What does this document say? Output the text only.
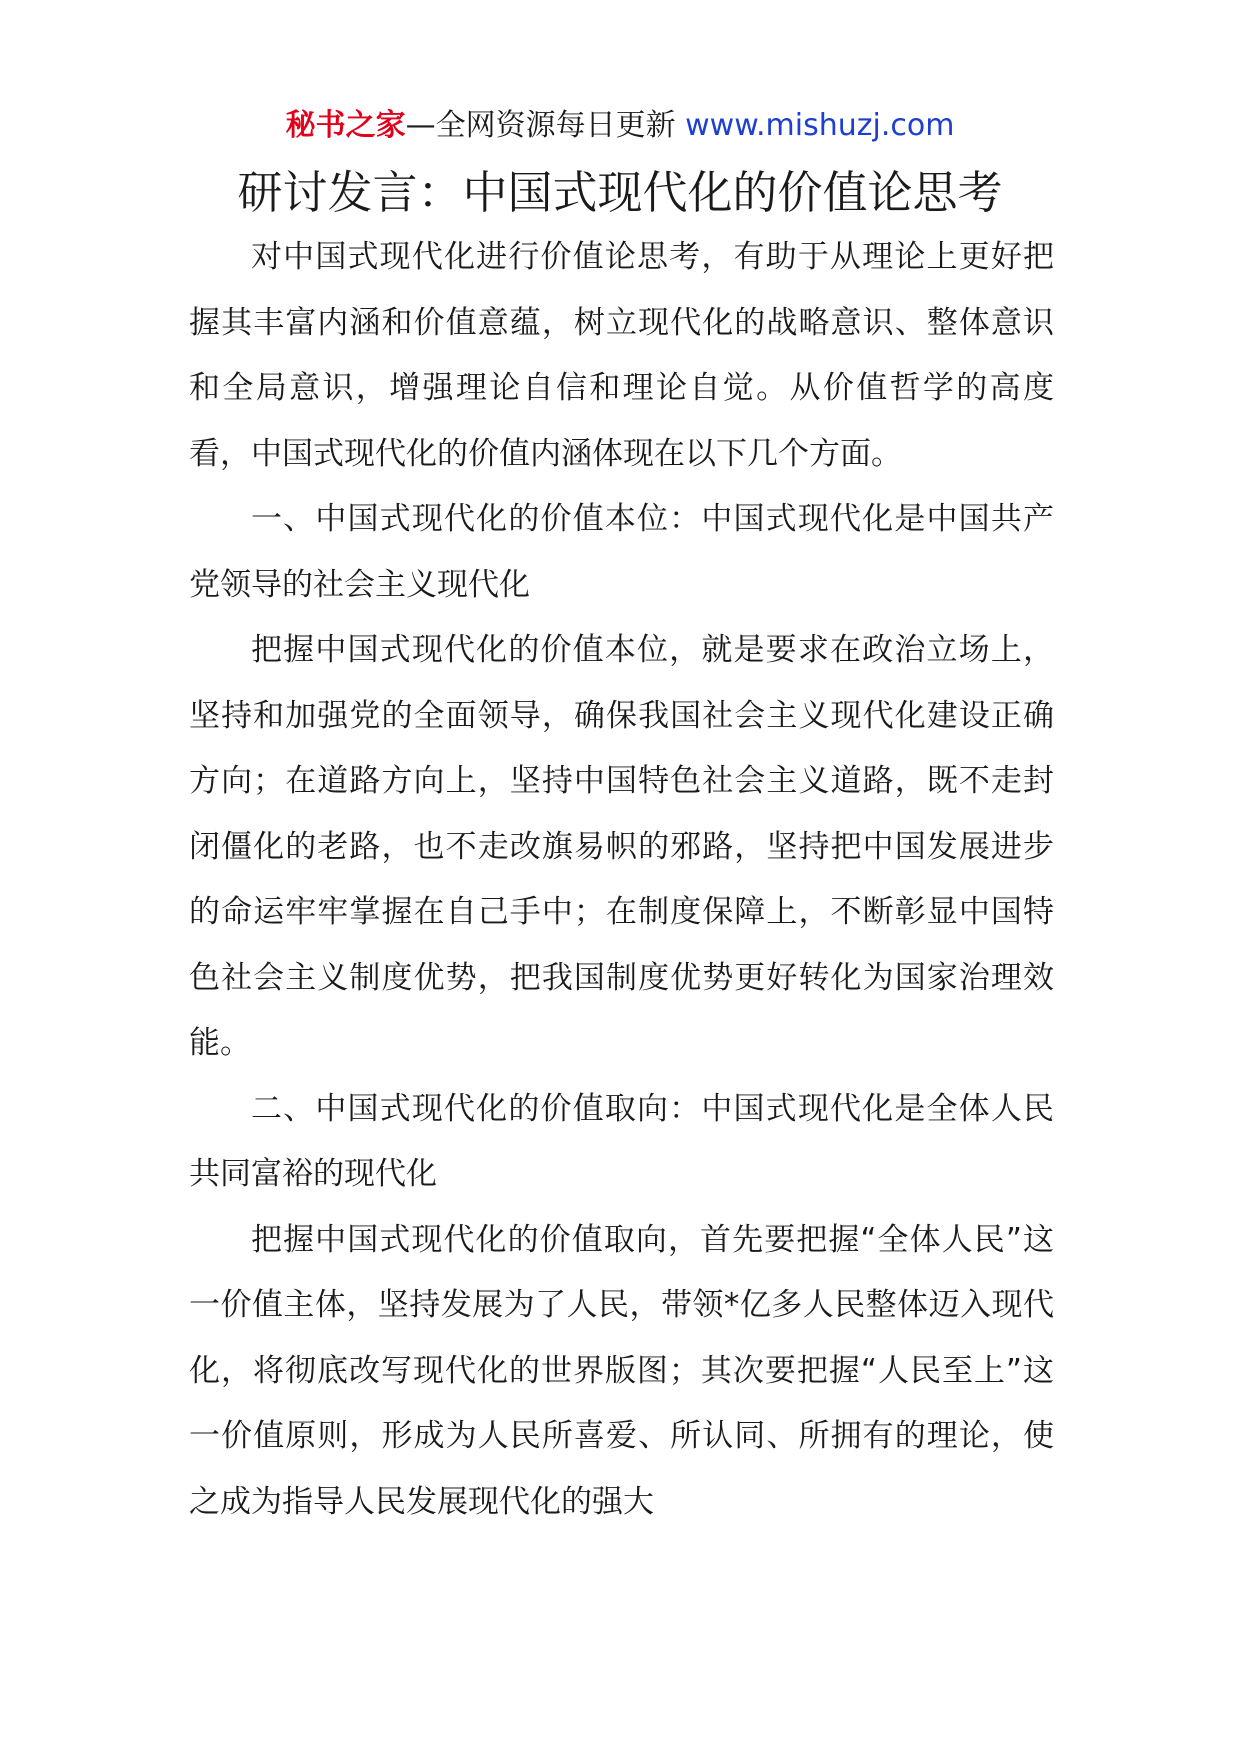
秘书之家—全网资源每日更新 www.mishuzj.com
研讨发言：中国式现代化的价值论思考

对中国式现代化进行价值论思考，有助于从理论上更好把握其丰富内涵和价值意蕴，树立现代化的战略意识、整体意识和全局意识，增强理论自信和理论自觉。从价值哲学的高度看，中国式现代化的价值内涵体现在以下几个方面。

一、中国式现代化的价值本位：中国式现代化是中国共产党领导的社会主义现代化

把握中国式现代化的价值本位，就是要求在政治立场上，坚持和加强党的全面领导，确保我国社会主义现代化建设正确方向；在道路方向上，坚持中国特色社会主义道路，既不走封闭僵化的老路，也不走改旗易帜的邪路，坚持把中国发展进步的命运牢牢掌握在自己手中；在制度保障上，不断彰显中国特色社会主义制度优势，把我国制度优势更好转化为国家治理效能。

二、中国式现代化的价值取向：中国式现代化是全体人民共同富裕的现代化

把握中国式现代化的价值取向，首先要把握“全体人民”这一价值主体，坚持发展为了人民，带领*亿多人民整体迈入现代化，将彻底改写现代化的世界版图；其次要把握“人民至上”这一价值原则，形成为人民所喜爱、所认同、所拥有的理论，使之成为指导人民发展现代化的强大
